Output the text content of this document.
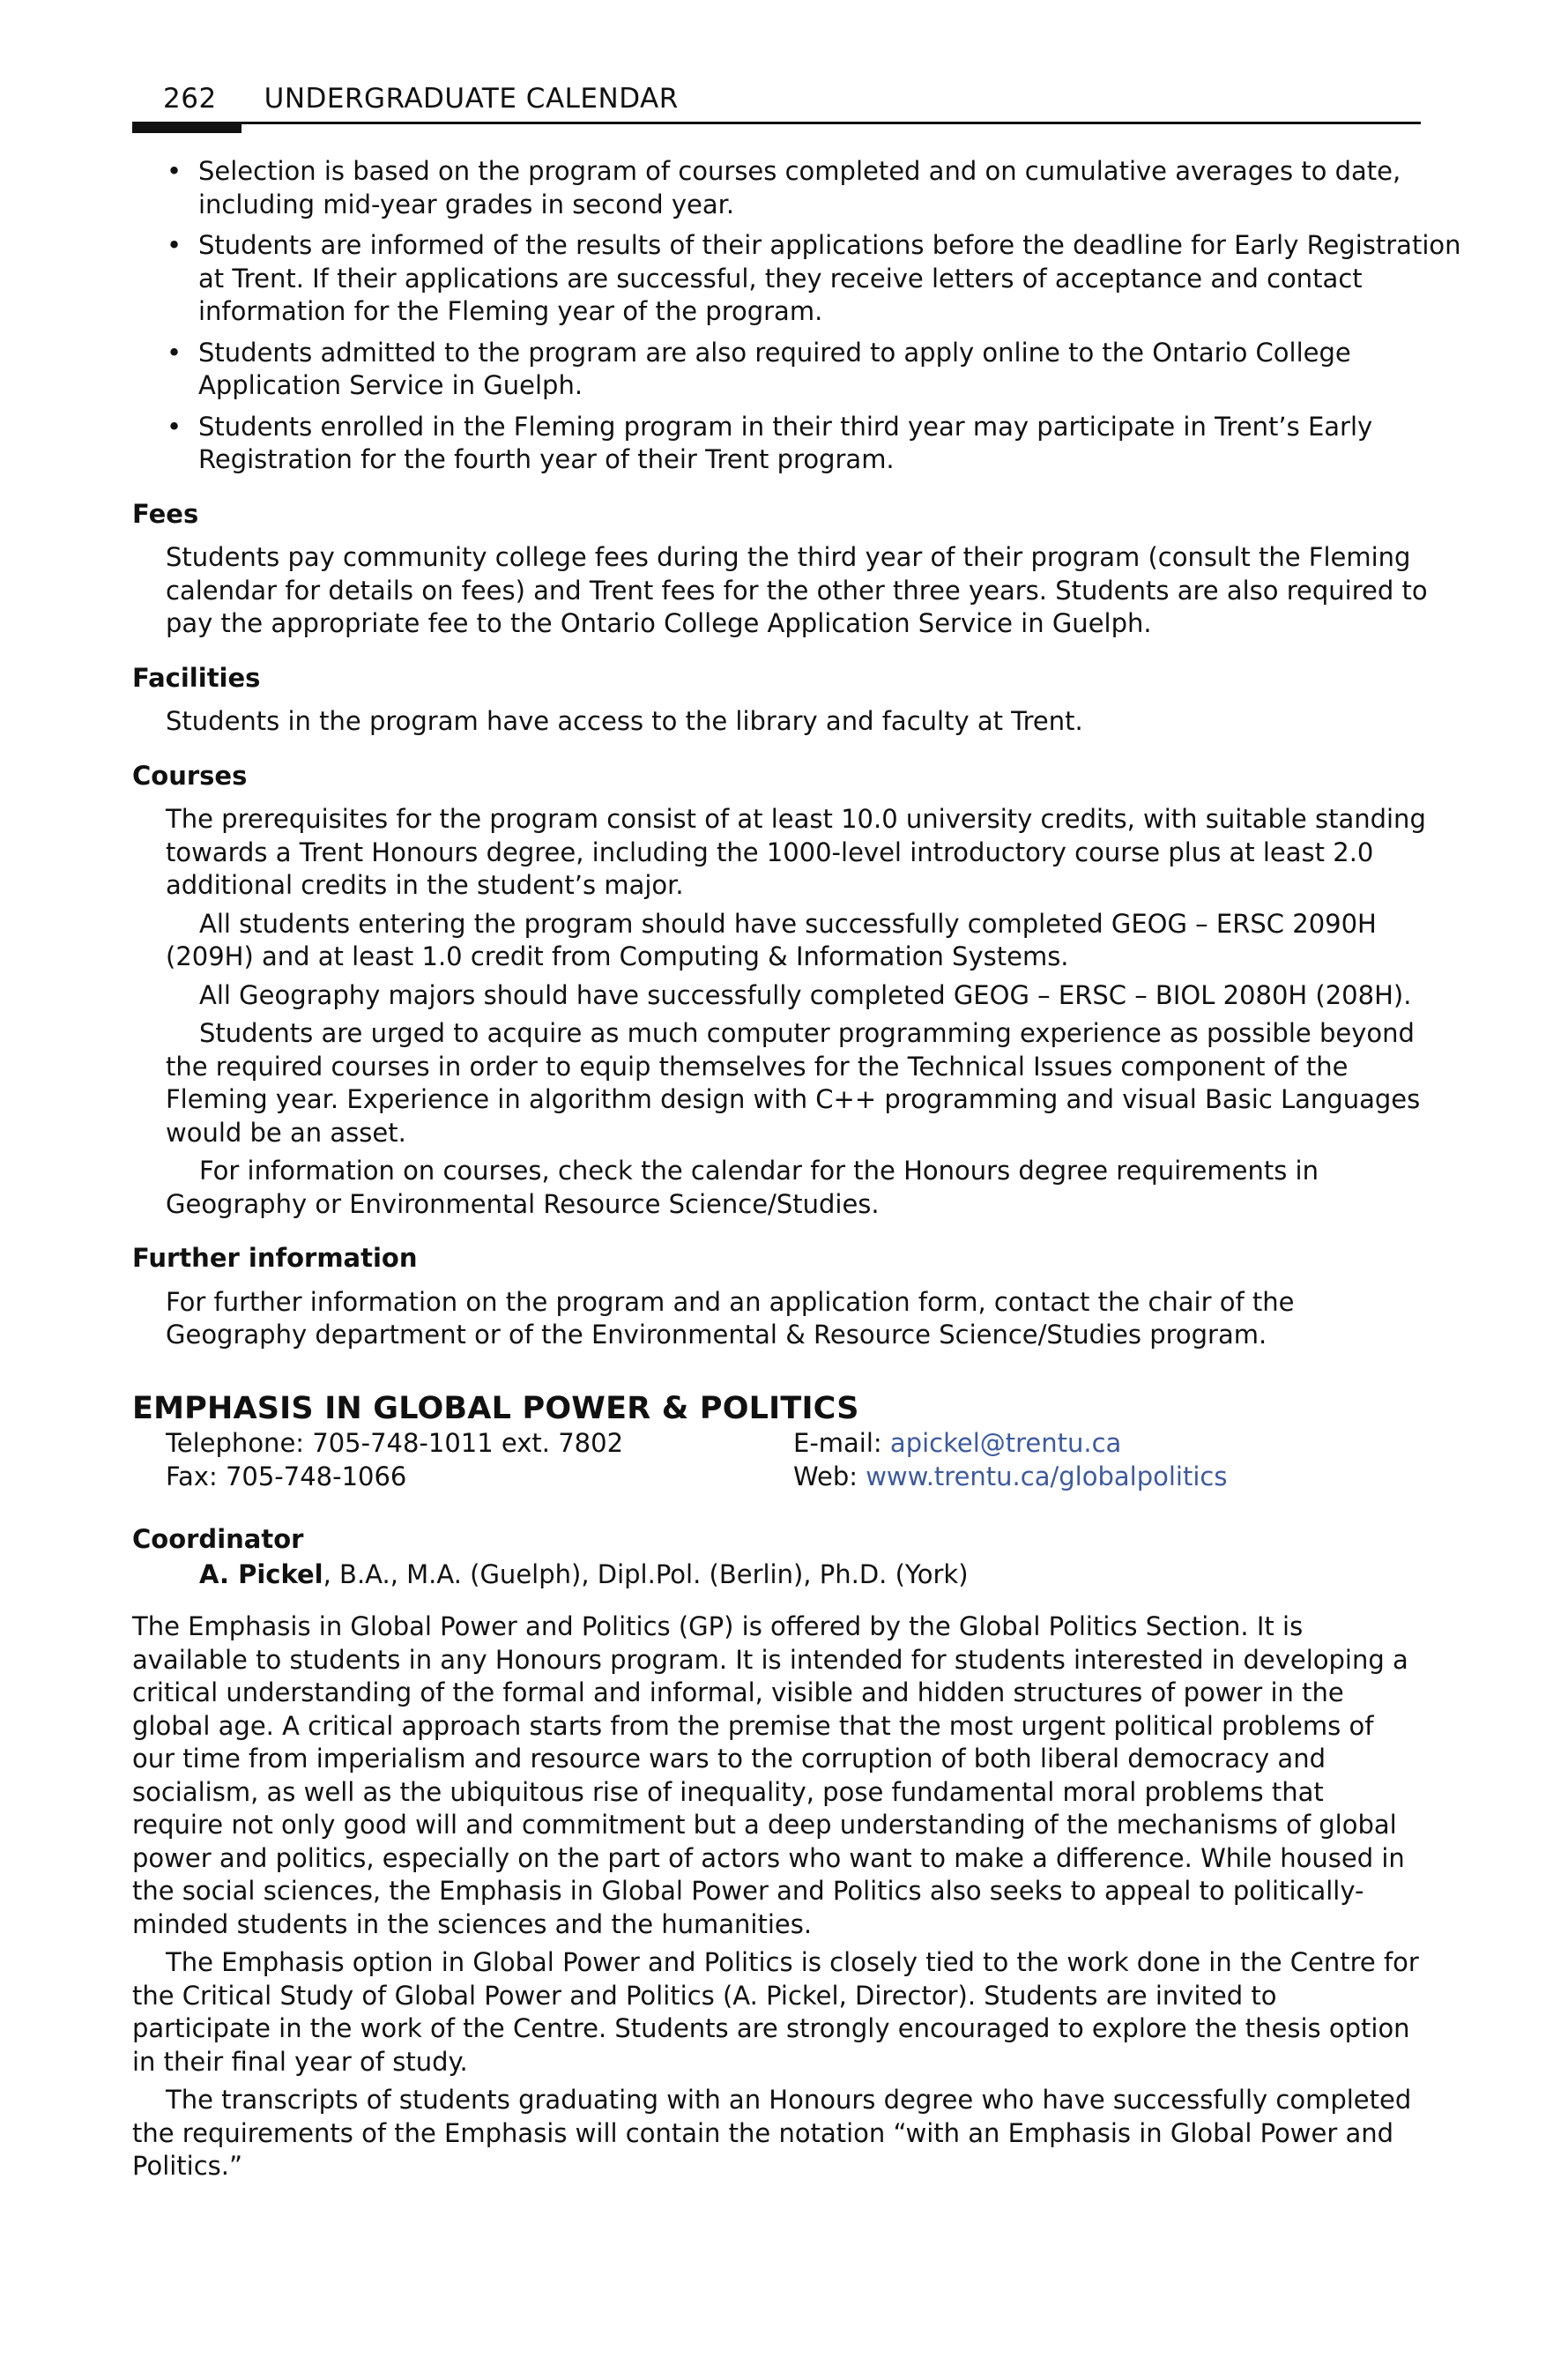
262 UNDERGRADUATE CALENDAR
• Selection is based on the program of courses completed and on cumulative averages to date, including mid-year grades in second year.
• Students are informed of the results of their applications before the deadline for Early Registration at Trent. If their applications are successful, they receive letters of acceptance and contact information for the Fleming year of the program.
• Students admitted to the program are also required to apply online to the Ontario College Application Service in Guelph.
• Students enrolled in the Fleming program in their third year may participate in Trent’s Early Registration for the fourth year of their Trent program.
Fees

Students pay community college fees during the third year of their program (consult the Fleming calendar for details on fees) and Trent fees for the other three years. Students are also required to pay the appropriate fee to the Ontario College Application Service in Guelph.

Facilities

Students in the program have access to the library and faculty at Trent.

Courses

The prerequisites for the program consist of at least 10.0 university credits, with suitable standing towards a Trent Honours degree, including the 1000-level introductory course plus at least 2.0 additional credits in the student’s major.

All students entering the program should have successfully completed GEOG – ERSC 2090H (209H) and at least 1.0 credit from Computing & Information Systems.

All Geography majors should have successfully completed GEOG – ERSC – BIOL 2080H (208H).

Students are urged to acquire as much computer programming experience as possible beyond the required courses in order to equip themselves for the Technical Issues component of the Fleming year. Experience in algorithm design with C++ programming and visual Basic Languages would be an asset.

For information on courses, check the calendar for the Honours degree requirements in Geography or Environmental Resource Science/Studies.

Further information

For further information on the program and an application form, contact the chair of the Geography department or of the Environmental & Resource Science/Studies program.

EMPHASIS IN GLOBAL POWER & POLITICS
Telephone: 705-748-1011 ext. 7802
Fax: 705-748-1066
E-mail: apickel@trentu.ca
Web: www.trentu.ca/globalpolitics
Coordinator
A. Pickel, B.A., M.A. (Guelph), Dipl.Pol. (Berlin), Ph.D. (York)

The Emphasis in Global Power and Politics (GP) is offered by the Global Politics Section. It is available to students in any Honours program. It is intended for students interested in developing a critical understanding of the formal and informal, visible and hidden structures of power in the global age. A critical approach starts from the premise that the most urgent political problems of our time from imperialism and resource wars to the corruption of both liberal democracy and socialism, as well as the ubiquitous rise of inequality, pose fundamental moral problems that require not only good will and commitment but a deep understanding of the mechanisms of global power and politics, especially on the part of actors who want to make a difference. While housed in the social sciences, the Emphasis in Global Power and Politics also seeks to appeal to politically-minded students in the sciences and the humanities.

The Emphasis option in Global Power and Politics is closely tied to the work done in the Centre for the Critical Study of Global Power and Politics (A. Pickel, Director). Students are invited to participate in the work of the Centre. Students are strongly encouraged to explore the thesis option in their final year of study.

The transcripts of students graduating with an Honours degree who have successfully completed the requirements of the Emphasis will contain the notation “with an Emphasis in Global Power and Politics.”
